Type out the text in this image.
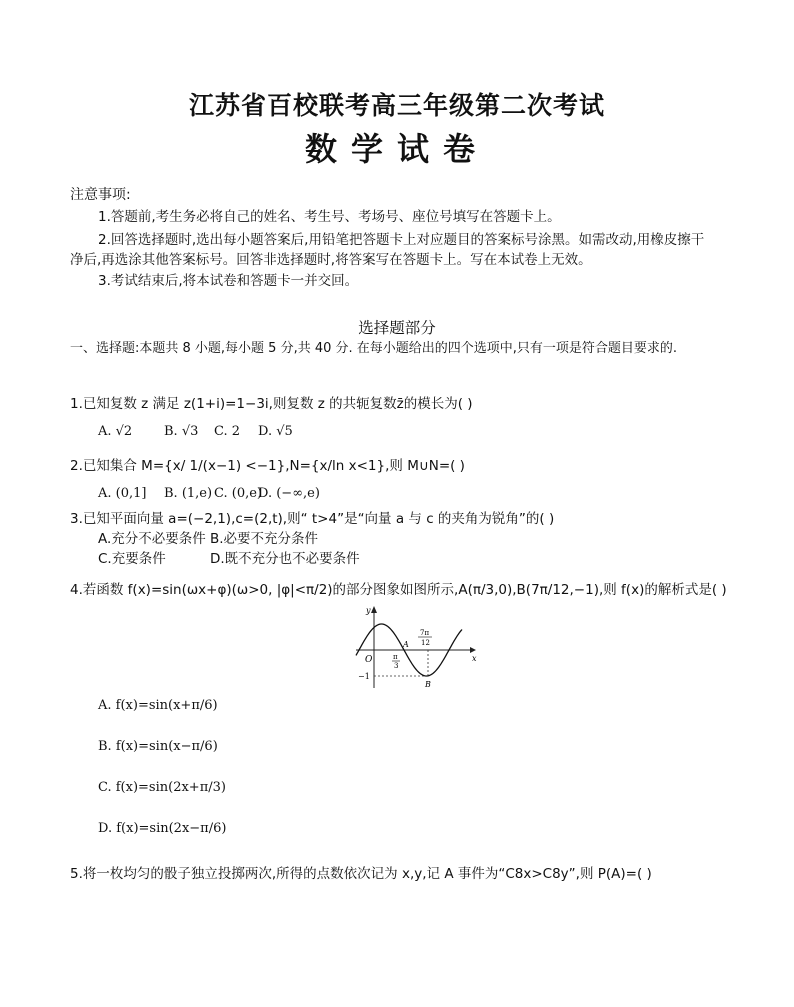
江苏省百校联考高三年级第二次考试
数学试卷
注意事项:
1.答题前,考生务必将自己的姓名、考生号、考场号、座位号填写在答题卡上。
2.回答选择题时,选出每小题答案后,用铅笔把答题卡上对应题目的答案标号涂黑。如需改动,用橡皮擦干
净后,再选涂其他答案标号。回答非选择题时,将答案写在答题卡上。写在本试卷上无效。
3.考试结束后,将本试卷和答题卡一并交回。
选择题部分
一、选择题:本题共 8 小题,每小题 5 分,共 40 分. 在每小题给出的四个选项中,只有一项是符合题目要求的.
1.已知复数 z 满足 z(1+i)=1−3i,则复数 z 的共轭复数z̄的模长为( )
A. √2 B. √3 C. 2 D. √5
2.已知集合 M={x/ 1/(x−1) <−1},N={x/ln x<1},则 M∪N=( )
A. (0,1] B. (1,e) C. (0,e)
D. (−∞,e)
3.已知平面向量 a=(−2,1),c=(2,t),则“ t>4”是“向量 a 与 c 的夹角为锐角”的( )
A.充分不必要条件 B.必要不充分条件
C.充要条件	D.既不充分也不必要条件
4.若函数 f(x)=sin(ωx+φ)(ω>0, |φ|<π/2)的部分图象如图所示,A(π/3,0),B(7π/12,−1),则 f(x)的解析式是( )
y
x
O
A
B
−1
π
3
7π
12
A. f(x)=sin(x+π/6)
B. f(x)=sin(x−π/6)
C. f(x)=sin(2x+π/3)
D. f(x)=sin(2x−π/6)
5.将一枚均匀的骰子独立投掷两次,所得的点数依次记为 x,y,记 A 事件为“C8x>C8y”,则 P(A)=( )
